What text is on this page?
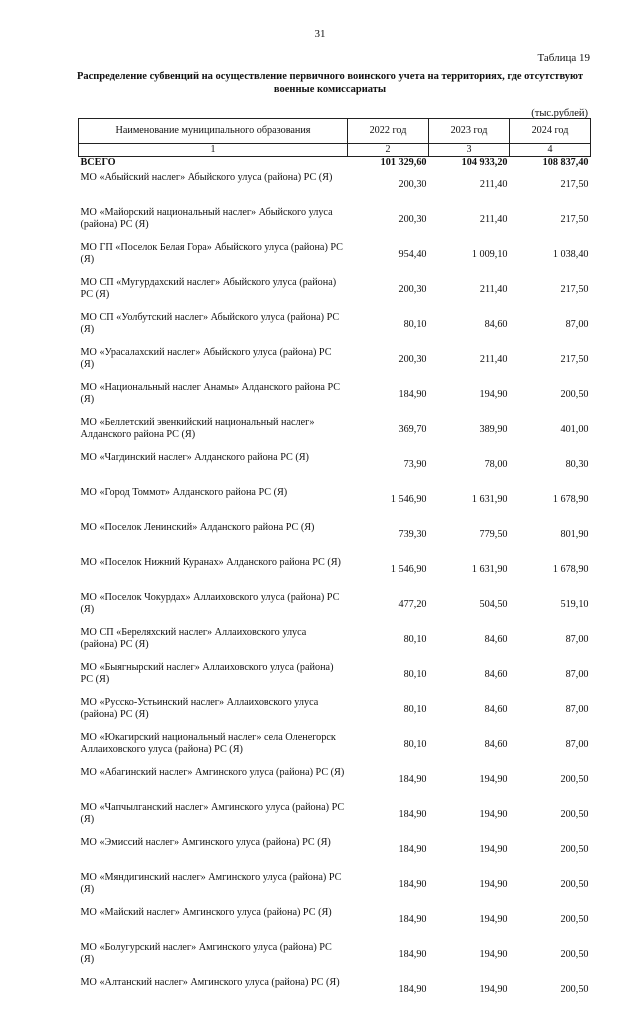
31
Таблица 19
Распределение субвенций на осуществление первичного воинского учета на территориях, где отсутствуют военные комиссариаты
(тыс.рублей)
Наименование муниципального образования	2022 год	2023 год	2024 год
1	2	3	4
ВСЕГО	101 329,60	104 933,20	108 837,40
МО «Абыйский наслег» Абыйского улуса (района) РС (Я)	200,30	211,40	217,50
МО «Майорский национальный наслег» Абыйского улуса (района) РС (Я)	200,30	211,40	217,50
МО ГП «Поселок Белая Гора» Абыйского улуса (района) РС (Я)	954,40	1 009,10	1 038,40
МО СП «Мугурдахский наслег» Абыйского улуса (района) РС (Я)	200,30	211,40	217,50
МО СП «Уолбутский наслег» Абыйского улуса (района) РС (Я)	80,10	84,60	87,00
МО «Урасалахский наслег» Абыйского улуса (района) РС (Я)	200,30	211,40	217,50
МО «Национальный наслег Анамы» Алданского района РС (Я)	184,90	194,90	200,50
МО «Беллетский эвенкийский национальный наслег» Алданского района РС (Я)	369,70	389,90	401,00
МО «Чагдинский наслег» Алданского района РС (Я)	73,90	78,00	80,30
МО «Город Томмот» Алданского района РС (Я)	1 546,90	1 631,90	1 678,90
МО «Поселок Ленинский» Алданского района РС (Я)	739,30	779,50	801,90
МО «Поселок Нижний Куранах» Алданского района РС (Я)	1 546,90	1 631,90	1 678,90
МО «Поселок Чокурдах» Аллаиховского улуса (района) РС (Я)	477,20	504,50	519,10
МО СП «Береляхский наслег» Аллаиховского улуса (района) РС (Я)	80,10	84,60	87,00
МО «Быягнырский наслег» Аллаиховского улуса (района) РС (Я)	80,10	84,60	87,00
МО «Русско-Устьинский наслег» Аллаиховского улуса (района) РС (Я)	80,10	84,60	87,00
МО «Юкагирский национальный наслег» села Оленегорск Аллаиховского улуса (района) РС (Я)	80,10	84,60	87,00
МО «Абагинский наслег» Амгинского улуса (района) РС (Я)	184,90	194,90	200,50
МО «Чапчылганский наслег» Амгинского улуса (района) РС (Я)	184,90	194,90	200,50
МО «Эмиссий наслег» Амгинского улуса (района) РС (Я)	184,90	194,90	200,50
МО «Мяндигинский наслег» Амгинского улуса (района) РС (Я)	184,90	194,90	200,50
МО «Майский наслег» Амгинского улуса (района) РС (Я)	184,90	194,90	200,50
МО «Болугурский наслег» Амгинского улуса (района) РС (Я)	184,90	194,90	200,50
МО «Алтанский наслег» Амгинского улуса (района) РС (Я)	184,90	194,90	200,50
